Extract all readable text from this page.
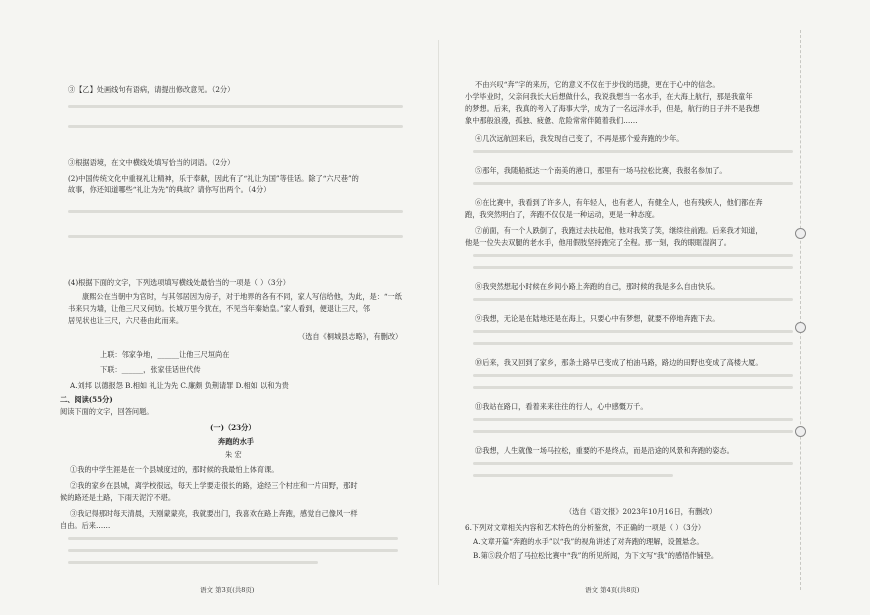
③【乙】处画线句有语病，请提出修改意见。（2分）
③根据语境，在文中横线处填写恰当的词语。（2分）
(2)中国传统文化中重视礼让精神，乐于奉献，因此有了“礼让为国”等佳话。除了“六尺巷”的
故事，你还知道哪些“礼让为先”的典故？请你写出两个。（4分）
(4)根据下面的文字，下列选项填写横线处最恰当的一项是（ ）（3分）
康熙公在当朝中为官时，与其邻居因为房子，对于地界的各有不同，家人写信给他，为此，是：“一纸
书来只为墙，让他三尺又何妨。长城万里今犹在，不见当年秦始皇。”家人看到，便退让三尺，邻
居见状也让三尺，六尺巷由此而来。
（选自《桐城县志略》，有删改）
上联：邻家争地，______让他三尺垣尚在
下联：______，张家佳话世代传
A.刘邦 以德报怨 B.相如 礼让为先 C.廉颇 负荆请罪 D.相如 以和为贵
二、阅读(55分)
阅读下面的文字，回答问题。
(一)（23分）
奔跑的水手
朱 宏
①我的中学生涯是在一个县城度过的，那时候的我最怕上体育课。
②我的家乡在县城，离学校很远，每天上学要走很长的路，途经三个村庄和一片田野，那时
候的路还是土路，下雨天泥泞不堪。
③我记得那时每天清晨，天刚蒙蒙亮，我就要出门，我喜欢在路上奔跑，感觉自己像风一样
自由。后来……
语文 第3页(共8页)
不由兴叹“奔”字的来历，它的意义不仅在于步伐的迅捷，更在于心中的信念。
小学毕业时，父亲问我长大后想做什么，我说我想当一名水手，在大海上航行，那是我童年
的梦想。后来，我真的考入了海事大学，成为了一名远洋水手，但是，航行的日子并不是我想
象中那般浪漫，孤独、疲惫、危险常常伴随着我们……
④几次远航回来后，我发现自己变了，不再是那个爱奔跑的少年。
⑤那年，我随船抵达一个南美的港口，那里有一场马拉松比赛，我报名参加了。
⑥在比赛中，我看到了许多人，有年轻人，也有老人，有健全人，也有残疾人，他们都在奔
跑，我突然明白了，奔跑不仅仅是一种运动，更是一种态度。
⑦前面，有一个人跌倒了，我跑过去扶起他，他对我笑了笑，继续往前跑。后来我才知道，
他是一位失去双腿的老水手，他用假肢坚持跑完了全程。那一刻，我的眼眶湿润了。
⑧我突然想起小时候在乡间小路上奔跑的自己，那时候的我是多么自由快乐。
⑨我想，无论是在陆地还是在海上，只要心中有梦想，就要不停地奔跑下去。
⑩后来，我又回到了家乡，那条土路早已变成了柏油马路，路边的田野也变成了高楼大厦。
⑪我站在路口，看着来来往往的行人，心中感慨万千。
⑫我想，人生就像一场马拉松，重要的不是终点，而是沿途的风景和奔跑的姿态。
（选自《语文报》2023年10月16日，有删改）
6.下列对文章相关内容和艺术特色的分析鉴赏，不正确的一项是（ ）（3分）
A.文章开篇“奔跑的水手”以“我”的视角讲述了对奔跑的理解，设置悬念。
B.第⑤段介绍了马拉松比赛中“我”的所见所闻，为下文写“我”的感悟作铺垫。
语文 第4页(共8页)
